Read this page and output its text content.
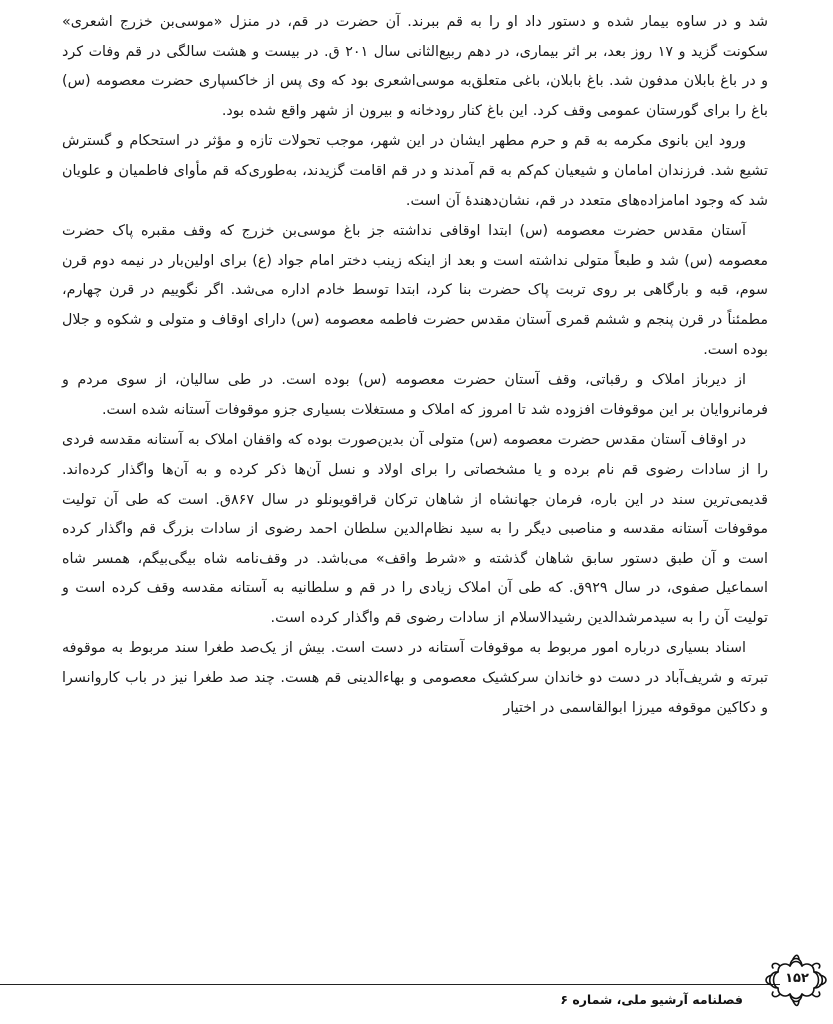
شد و در ساوه بیمار شده و دستور داد او را به قم ببرند. آن حضرت در قم، در منزل «موسی‌بن خزرج اشعری» سکونت گزید و ۱۷ روز بعد، بر اثر بیماری، در دهم ربیع‌الثانی سال ۲۰۱ ق. در بیست و هشت سالگی در قم وفات کرد و در باغ بابلان مدفون شد. باغ بابلان، باغی متعلق‌به موسی‌اشعری بود که وی پس از خاکسپاری حضرت معصومه (س) باغ را برای گورستان عمومی وقف کرد. این باغ کنار رودخانه و بیرون از شهر واقع شده بود.

ورود این بانوی مکرمه به قم و حرم مطهر ایشان در این شهر، موجب تحولات تازه و مؤثر در استحکام و گسترش تشیع شد. فرزندان امامان و شیعیان کم‌کم به قم آمدند و در قم اقامت گزیدند، به‌طوری‌که قم مأوای فاطمیان و علویان شد که وجود امامزاده‌های متعدد در قم، نشان‌دهندهٔ آن است.

آستان مقدس حضرت معصومه (س) ابتدا اوقافی نداشته جز باغ موسی‌بن خزرج که وقف مقبره پاک حضرت معصومه (س) شد و طبعاً متولی نداشته است و بعد از اینکه زینب دختر امام جواد (ع) برای اولین‌بار در نیمه دوم قرن سوم، قبه و بارگاهی بر روی تربت پاک حضرت بنا کرد، ابتدا توسط خادم اداره می‌شد. اگر نگوییم در قرن چهارم، مطمئناً در قرن پنجم و ششم قمری آستان مقدس حضرت فاطمه معصومه (س) دارای اوقاف و متولی و شکوه و جلال بوده است.

از دیرباز املاک و رقباتی، وقف آستان حضرت معصومه (س) بوده است. در طی سالیان، از سوی مردم و فرمانروایان بر این موقوفات افزوده شد تا امروز که املاک و مستغلات بسیاری جزو موقوفات آستانه شده است.

در اوقاف آستان مقدس حضرت معصومه (س) متولی آن بدین‌صورت بوده که واقفان املاک به آستانه مقدسه فردی را از سادات رضوی قم نام برده و یا مشخصاتی را برای اولاد و نسل آن‌ها ذکر کرده و به آن‌ها واگذار کرده‌اند. قدیمی‌ترین سند در این باره، فرمان جهانشاه از شاهان ترکان قراقویونلو در سال ۸۶۷ق. است که طی آن تولیت موقوفات آستانه مقدسه و مناصبی دیگر را به سید نظام‌الدین سلطان احمد رضوی از سادات بزرگ قم واگذار کرده است و آن طبق دستور سابق شاهان گذشته و «شرط واقف» می‌باشد. در وقف‌نامه شاه بیگی‌بیگم، همسر شاه اسماعیل صفوی، در سال ۹۲۹ق. که طی آن املاک زیادی را در قم و سلطانیه به آستانه مقدسه وقف کرده است و تولیت آن را به سیدمرشدالدین رشیدالاسلام از سادات رضوی قم واگذار کرده است.

اسناد بسیاری درباره امور مربوط به موقوفات آستانه در دست است. بیش از یک‌صد طغرا سند مربوط به موقوفه تبرته و شریف‌آباد در دست دو خاندان سرکشیک معصومی و بهاءالدینی قم هست. چند صد طغرا نیز در باب کاروانسرا و دکاکین موقوفه میرزا ابوالقاسمی در اختیار

فصلنامه آرشیو ملی، شماره ۶
۱۵۲
